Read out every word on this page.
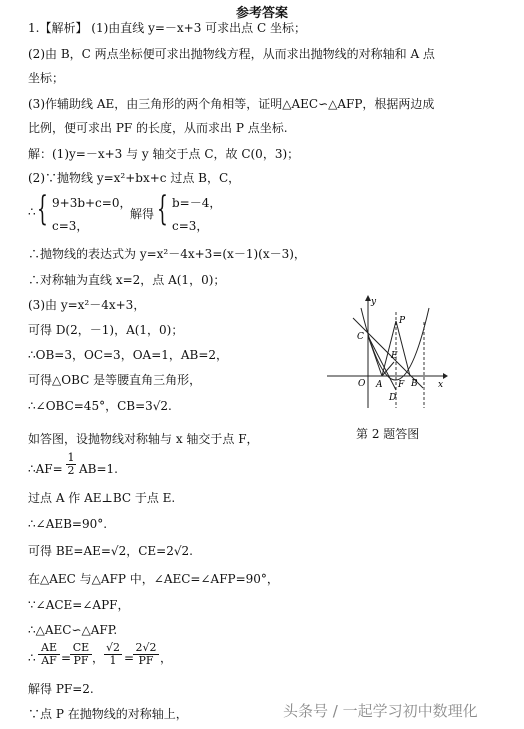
参考答案
1.【解析】 (1)由直线 y=－x+3 可求出点 C 坐标；
(2)由 B，C 两点坐标便可求出抛物线方程，从而求出抛物线的对称轴和 A 点
坐标；
(3)作辅助线 AE，由三角形的两个角相等，证明△AEC∽△AFP，根据两边成
比例，便可求出 PF 的长度，从而求出 P 点坐标.
解：(1)y=－x+3 与 y 轴交于点 C，故 C(0，3)；
(2)∵抛物线 y=x²+bx+c 过点 B，C，
∴ { 9+3b+c=0，
c=3，
解得 { b=－4，
c=3，
∴抛物线的表达式为 y=x²－4x+3=(x－1)(x－3)，
∴对称轴为直线 x=2，点 A(1，0)；
(3)由 y=x²－4x+3，
可得 D(2，－1)，A(1，0)；
∴OB=3，OC=3，OA=1，AB=2，
可得△OBC 是等腰直角三角形，
∴∠OBC=45°，CB=3√2.
如答图，设抛物线对称轴与 x 轴交于点 F，
∴AF= $\frac{1}{2} AB=1$.
过点 A 作 AE⊥BC 于点 E.
∴∠AEB=90°.
可得 BE=AE=√2，CE=2√2.
在△AEC 与△AFP 中，∠AEC=∠AFP=90°，
∵∠ACE=∠APF，
∴△AEC∽△AFP.
∴ $\frac{AE}{AF}$ =
$\frac{CE}{PF}$ ， $\frac{√2}{1}$ =
$\frac{2√2}{PF}$ ，
解得 PF=2.
∵点 P 在抛物线的对称轴上，
y
x
O A	B
C
P
E
F
D
第 2 题答图
头条号 / 一起学习初中数理化
